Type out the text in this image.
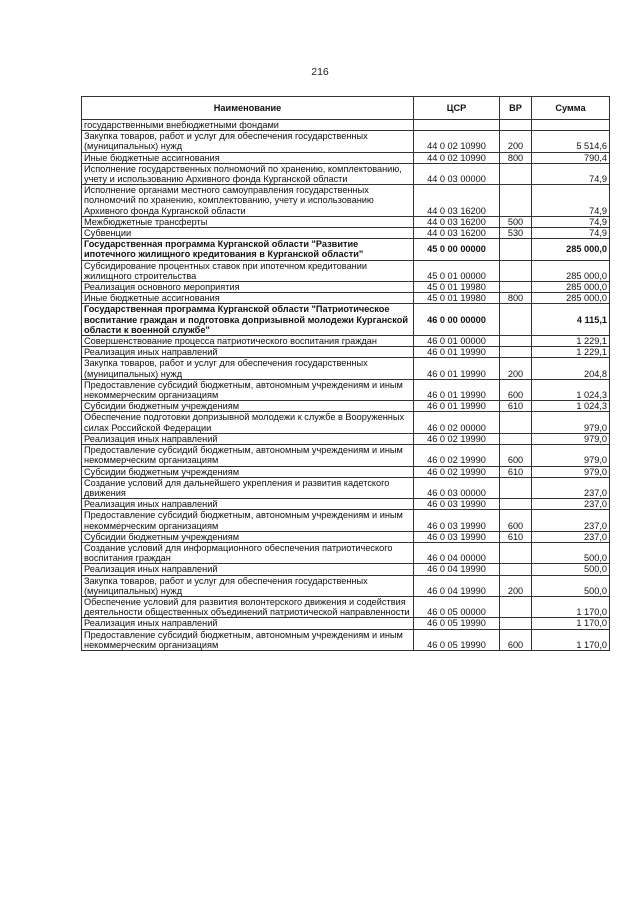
216
Наименование	ЦСР	ВР	Сумма
государственными внебюджетными фондами			
Закупка товаров, работ и услуг для обеспечения государственных (муниципальных) нужд	44 0 02 10990	200	5 514,6
Иные бюджетные ассигнования	44 0 02 10990	800	790,4
Исполнение государственных полномочий по хранению, комплектованию, учету и использованию Архивного фонда Курганской области	44 0 03 00000		74,9
Исполнение органами местного самоуправления государственных полномочий по хранению, комплектованию, учету и использованию Архивного фонда Курганской области	44 0 03 16200		74,9
Межбюджетные трансферты	44 0 03 16200	500	74,9
Субвенции	44 0 03 16200	530	74,9
Государственная программа Курганской области "Развитие ипотечного жилищного кредитования в Курганской области"	45 0 00 00000		285 000,0
Субсидирование процентных ставок при ипотечном кредитовании жилищного строительства	45 0 01 00000		285 000,0
Реализация основного мероприятия	45 0 01 19980		285 000,0
Иные бюджетные ассигнования	45 0 01 19980	800	285 000,0
Государственная программа Курганской области "Патриотическое воспитание граждан и подготовка допризывной молодежи Курганской области к военной службе"	46 0 00 00000		4 115,1
Совершенствование процесса патриотического воспитания граждан	46 0 01 00000		1 229,1
Реализация иных направлений	46 0 01 19990		1 229,1
Закупка товаров, работ и услуг для обеспечения государственных (муниципальных) нужд	46 0 01 19990	200	204,8
Предоставление субсидий бюджетным, автономным учреждениям и иным некоммерческим организациям	46 0 01 19990	600	1 024,3
Субсидии бюджетным учреждениям	46 0 01 19990	610	1 024,3
Обеспечение подготовки допризывной молодежи к службе в Вооруженных силах Российской Федерации	46 0 02 00000		979,0
Реализация иных направлений	46 0 02 19990		979,0
Предоставление субсидий бюджетным, автономным учреждениям и иным некоммерческим организациям	46 0 02 19990	600	979,0
Субсидии бюджетным учреждениям	46 0 02 19990	610	979,0
Создание условий для дальнейшего укрепления и развития кадетского движения	46 0 03 00000		237,0
Реализация иных направлений	46 0 03 19990		237,0
Предоставление субсидий бюджетным, автономным учреждениям и иным некоммерческим организациям	46 0 03 19990	600	237,0
Субсидии бюджетным учреждениям	46 0 03 19990	610	237,0
Создание условий для информационного обеспечения патриотического воспитания граждан	46 0 04 00000		500,0
Реализация иных направлений	46 0 04 19990		500,0
Закупка товаров, работ и услуг для обеспечения государственных (муниципальных) нужд	46 0 04 19990	200	500,0
Обеспечение условий для развития волонтерского движения и содействия деятельности общественных объединений патриотической направленности	46 0 05 00000		1 170,0
Реализация иных направлений	46 0 05 19990		1 170,0
Предоставление субсидий бюджетным, автономным учреждениям и иным некоммерческим организациям	46 0 05 19990	600	1 170,0
